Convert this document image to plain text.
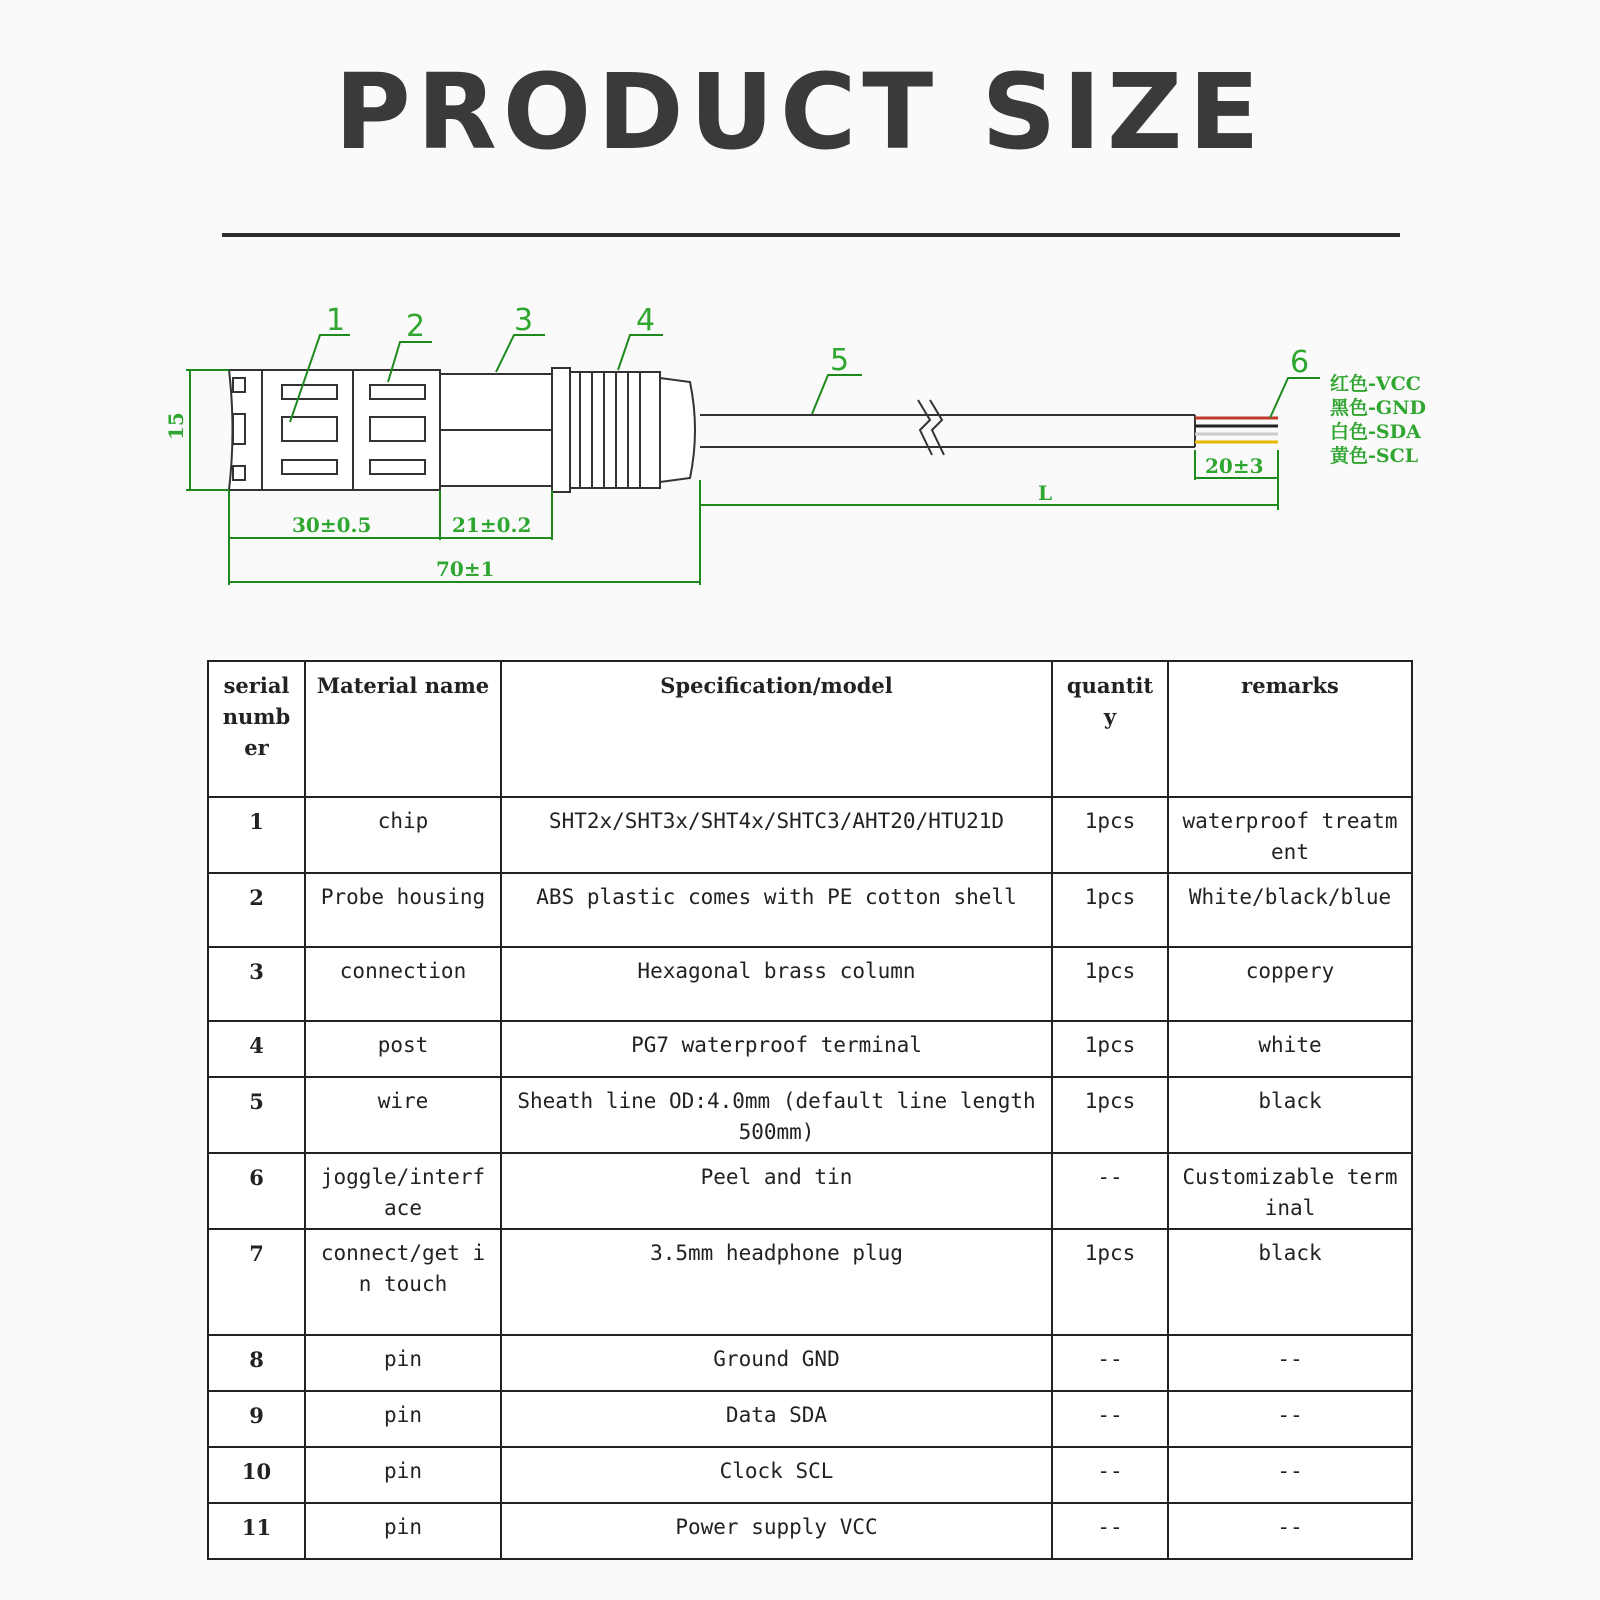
PRODUCT SIZE
1 2	3	4
5	6
15
30±0.5	21±0.2
70±1
L
20±3
红色-VCC
黑色-GND
白色-SDA
黄色-SCL
serial number	Material name	Specification/model	quantity	remarks
1	chip	SHT2x/SHT3x/SHT4x/SHTC3/AHT20/HTU21D	1pcs	waterproof treatment
2	Probe housing	ABS plastic comes with PE cotton shell	1pcs	White/black/blue
3	connection	Hexagonal brass column	1pcs	coppery
4	post	PG7 waterproof terminal	1pcs	white
5	wire	Sheath line OD:4.0mm (default line length 500mm)	1pcs	black
6	joggle/interface	Peel and tin	--	Customizable terminal
7	connect/get in touch	3.5mm headphone plug	1pcs	black
8	pin	Ground GND	--	--
9	pin	Data SDA	--	--
10	pin	Clock SCL	--	--
11	pin	Power supply VCC	--	--
